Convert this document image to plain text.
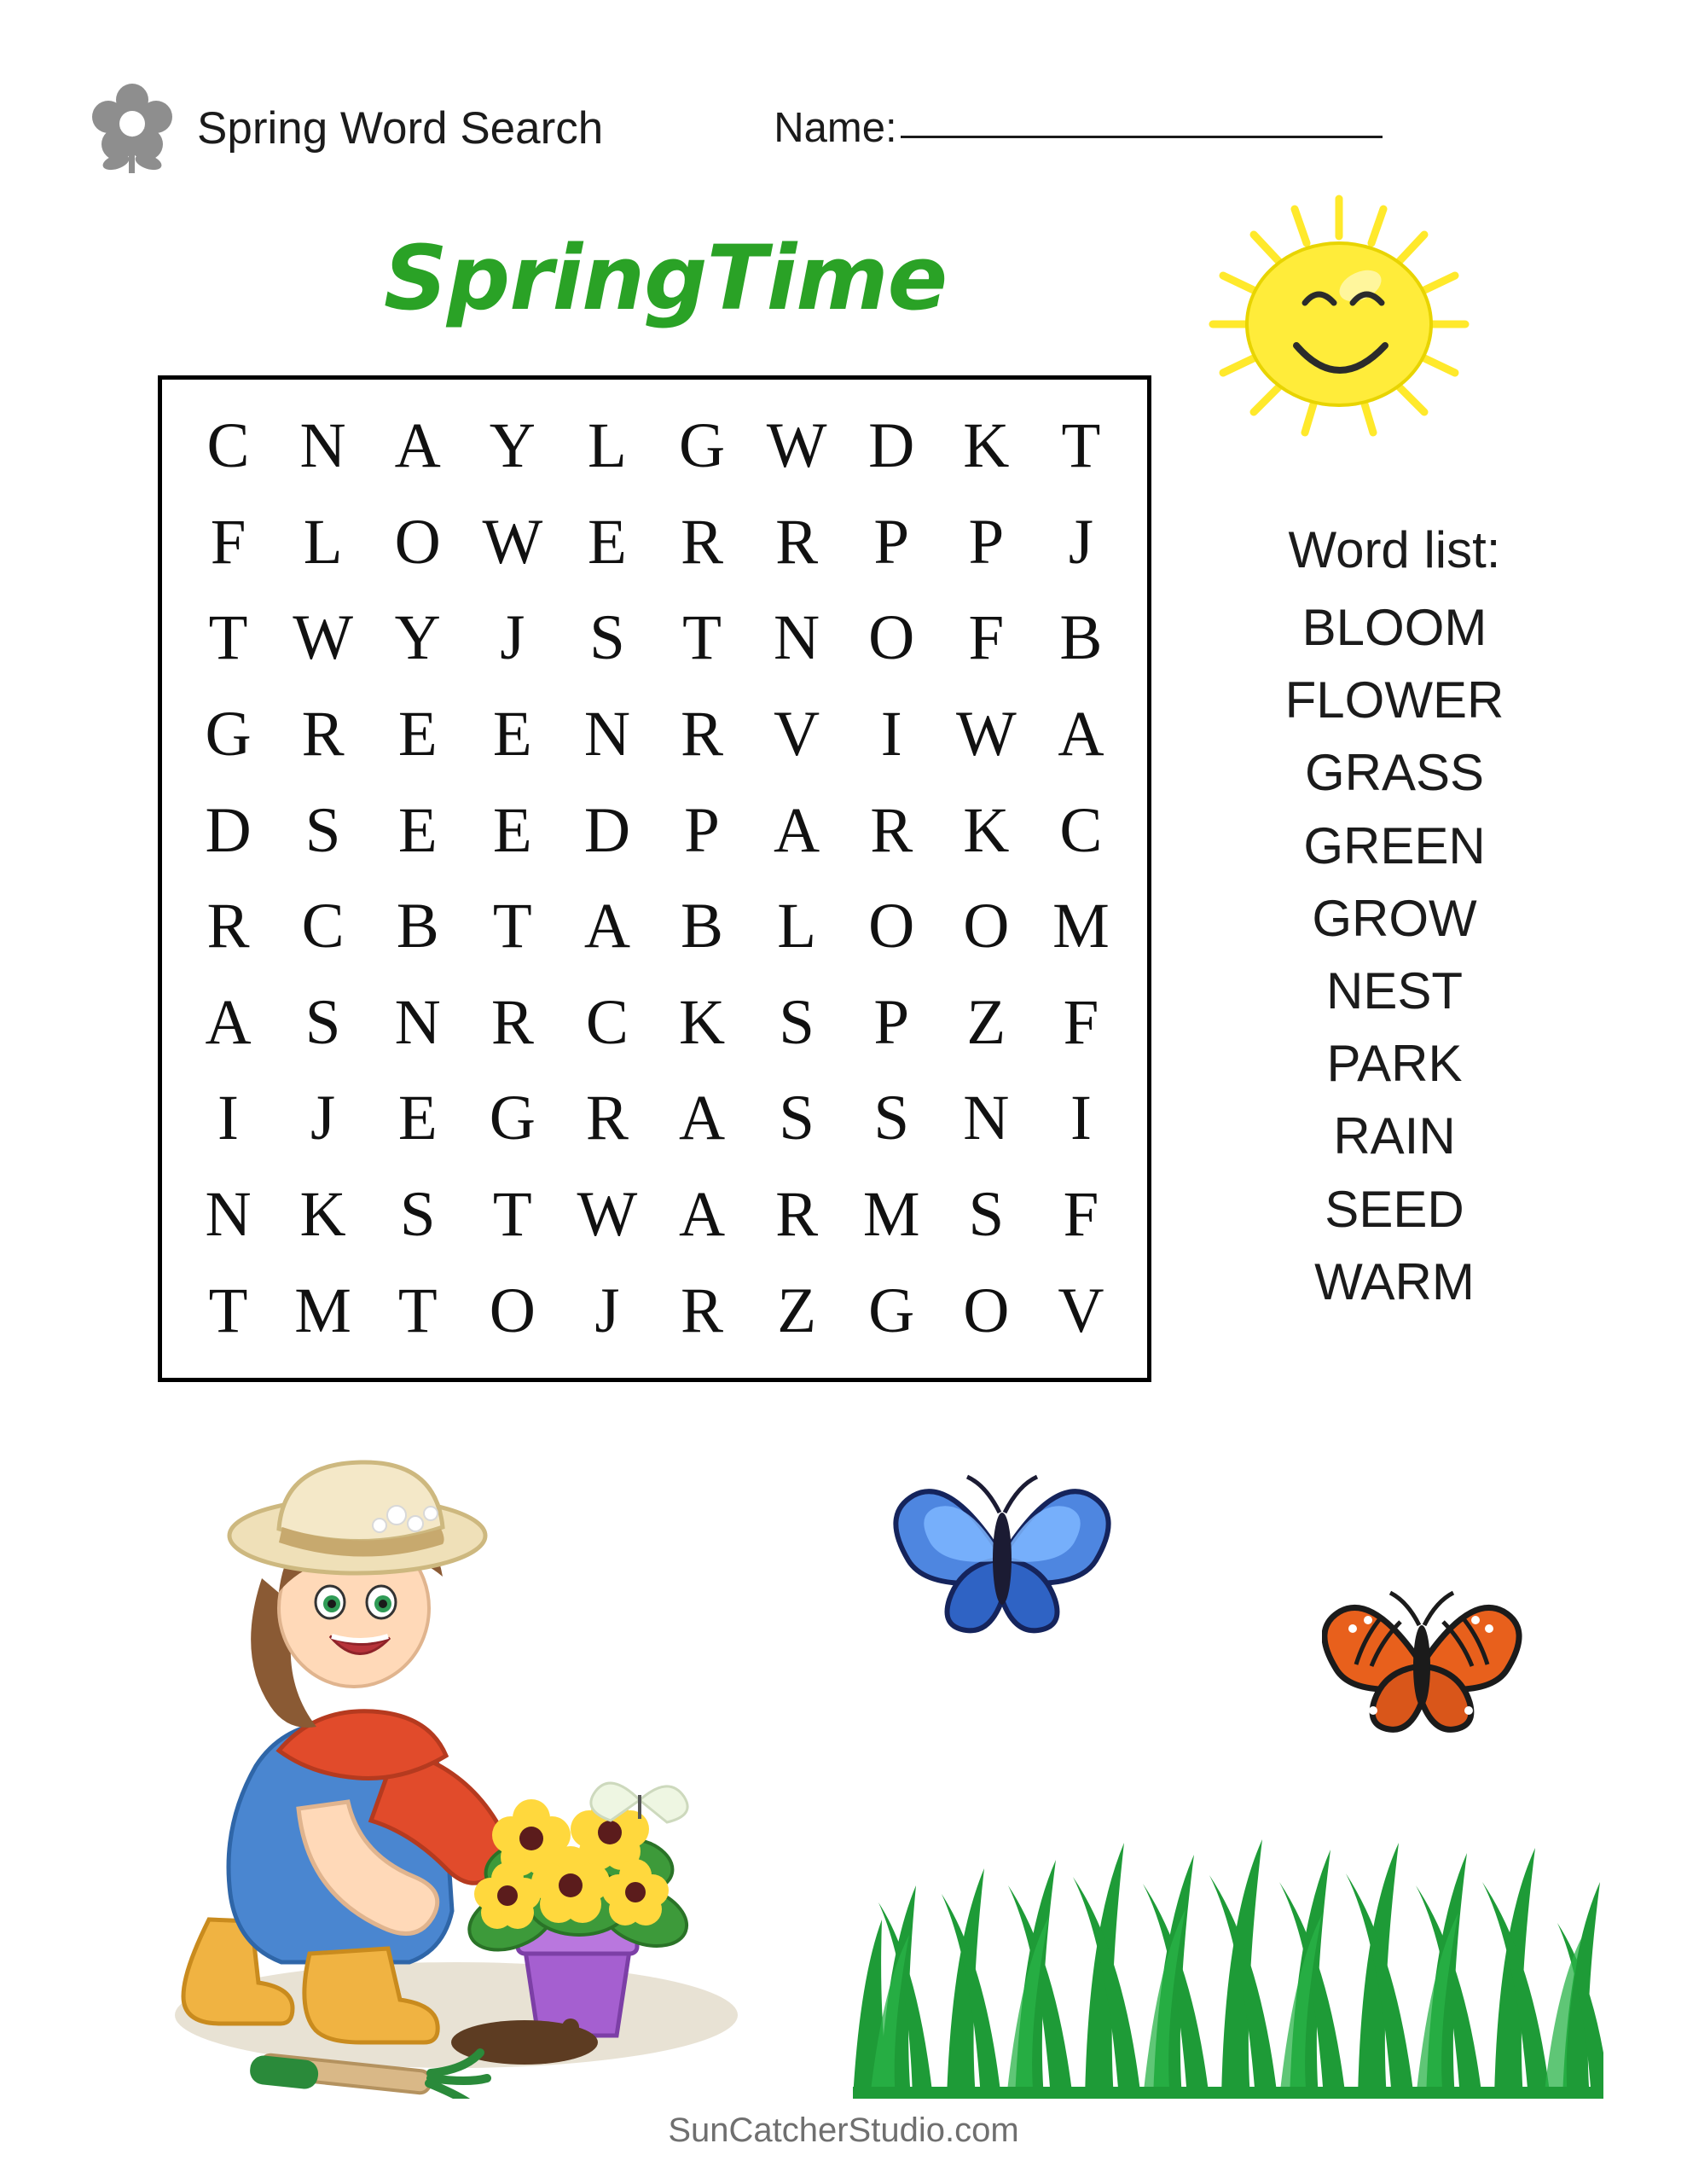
Spring Word Search	Name:
SpringTime
C N A Y L G W D K T
F L O W E R R P P	J
T W Y J	S T N O F B
G R E E N R V I W A
D S E E D P A R K C
R C B T A B L O O M
A S N R C K S P Z F
I	J E G R A S S N I
N K S T W A R M S F
T M T O J R Z G O V
Word list:
BLOOM
FLOWER
GRASS
GREEN
GROW
NEST
PARK
RAIN
SEED
WARM
SunCatcherStudio.com
